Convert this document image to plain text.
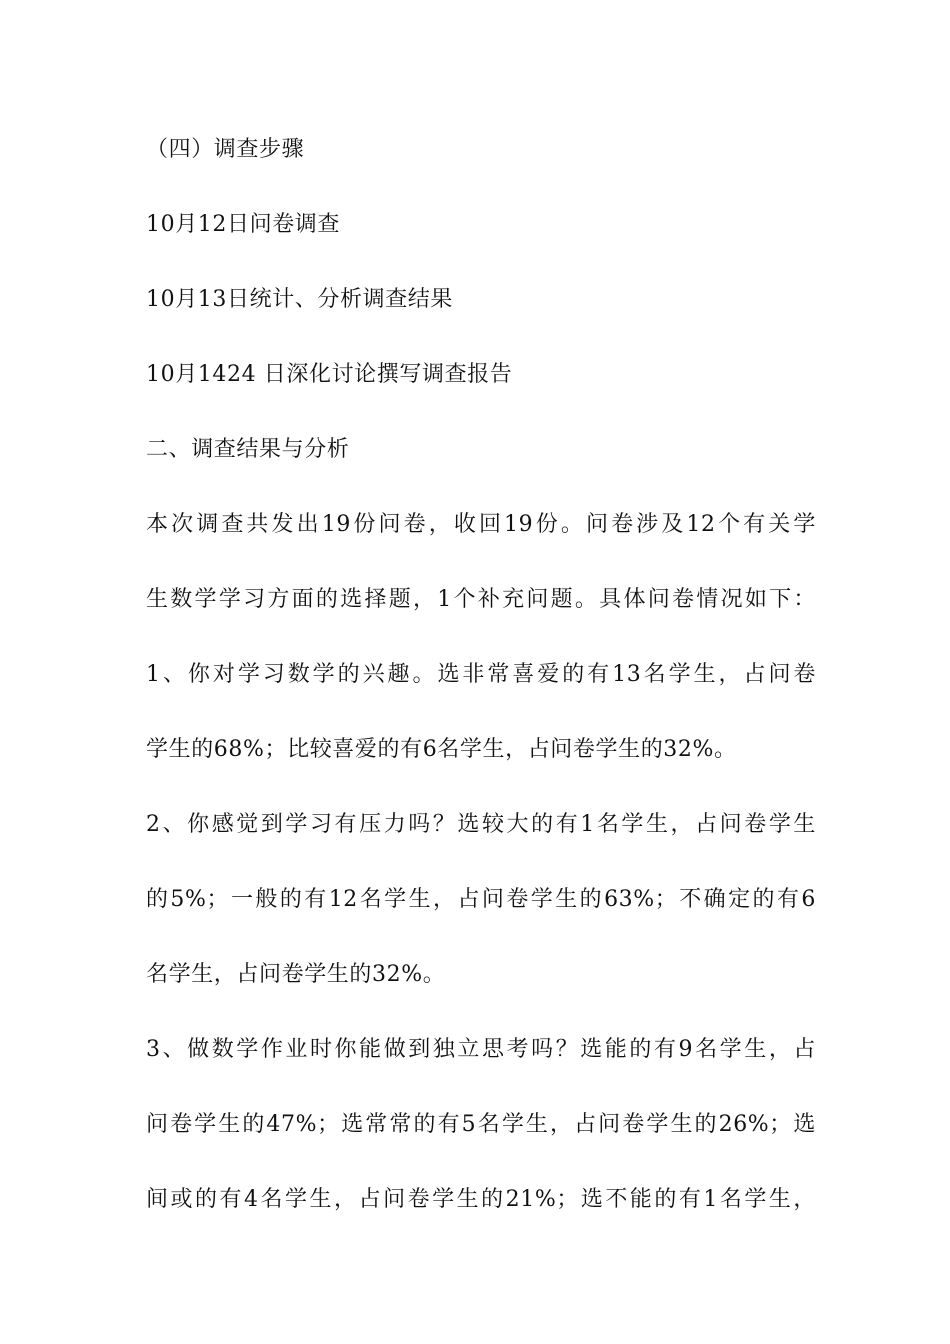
（四）调查步骤
10月12日问卷调查
10月13日统计、分析调查结果
10月1424 日深化讨论撰写调查报告
二、调查结果与分析
本次调查共发出19份问卷，收回19份。问卷涉及12个有关学
生数学学习方面的选择题，1个补充问题。具体问卷情况如下：
1、你对学习数学的兴趣。选非常喜爱的有13名学生，占问卷
学生的68%；比较喜爱的有6名学生，占问卷学生的32%。
2、你感觉到学习有压力吗？选较大的有1名学生，占问卷学生
的5%；一般的有12名学生，占问卷学生的63%；不确定的有6
名学生，占问卷学生的32%。
3、做数学作业时你能做到独立思考吗？选能的有9名学生，占
问卷学生的47%；选常常的有5名学生，占问卷学生的26%；选
间或的有4名学生，占问卷学生的21%；选不能的有1名学生，
